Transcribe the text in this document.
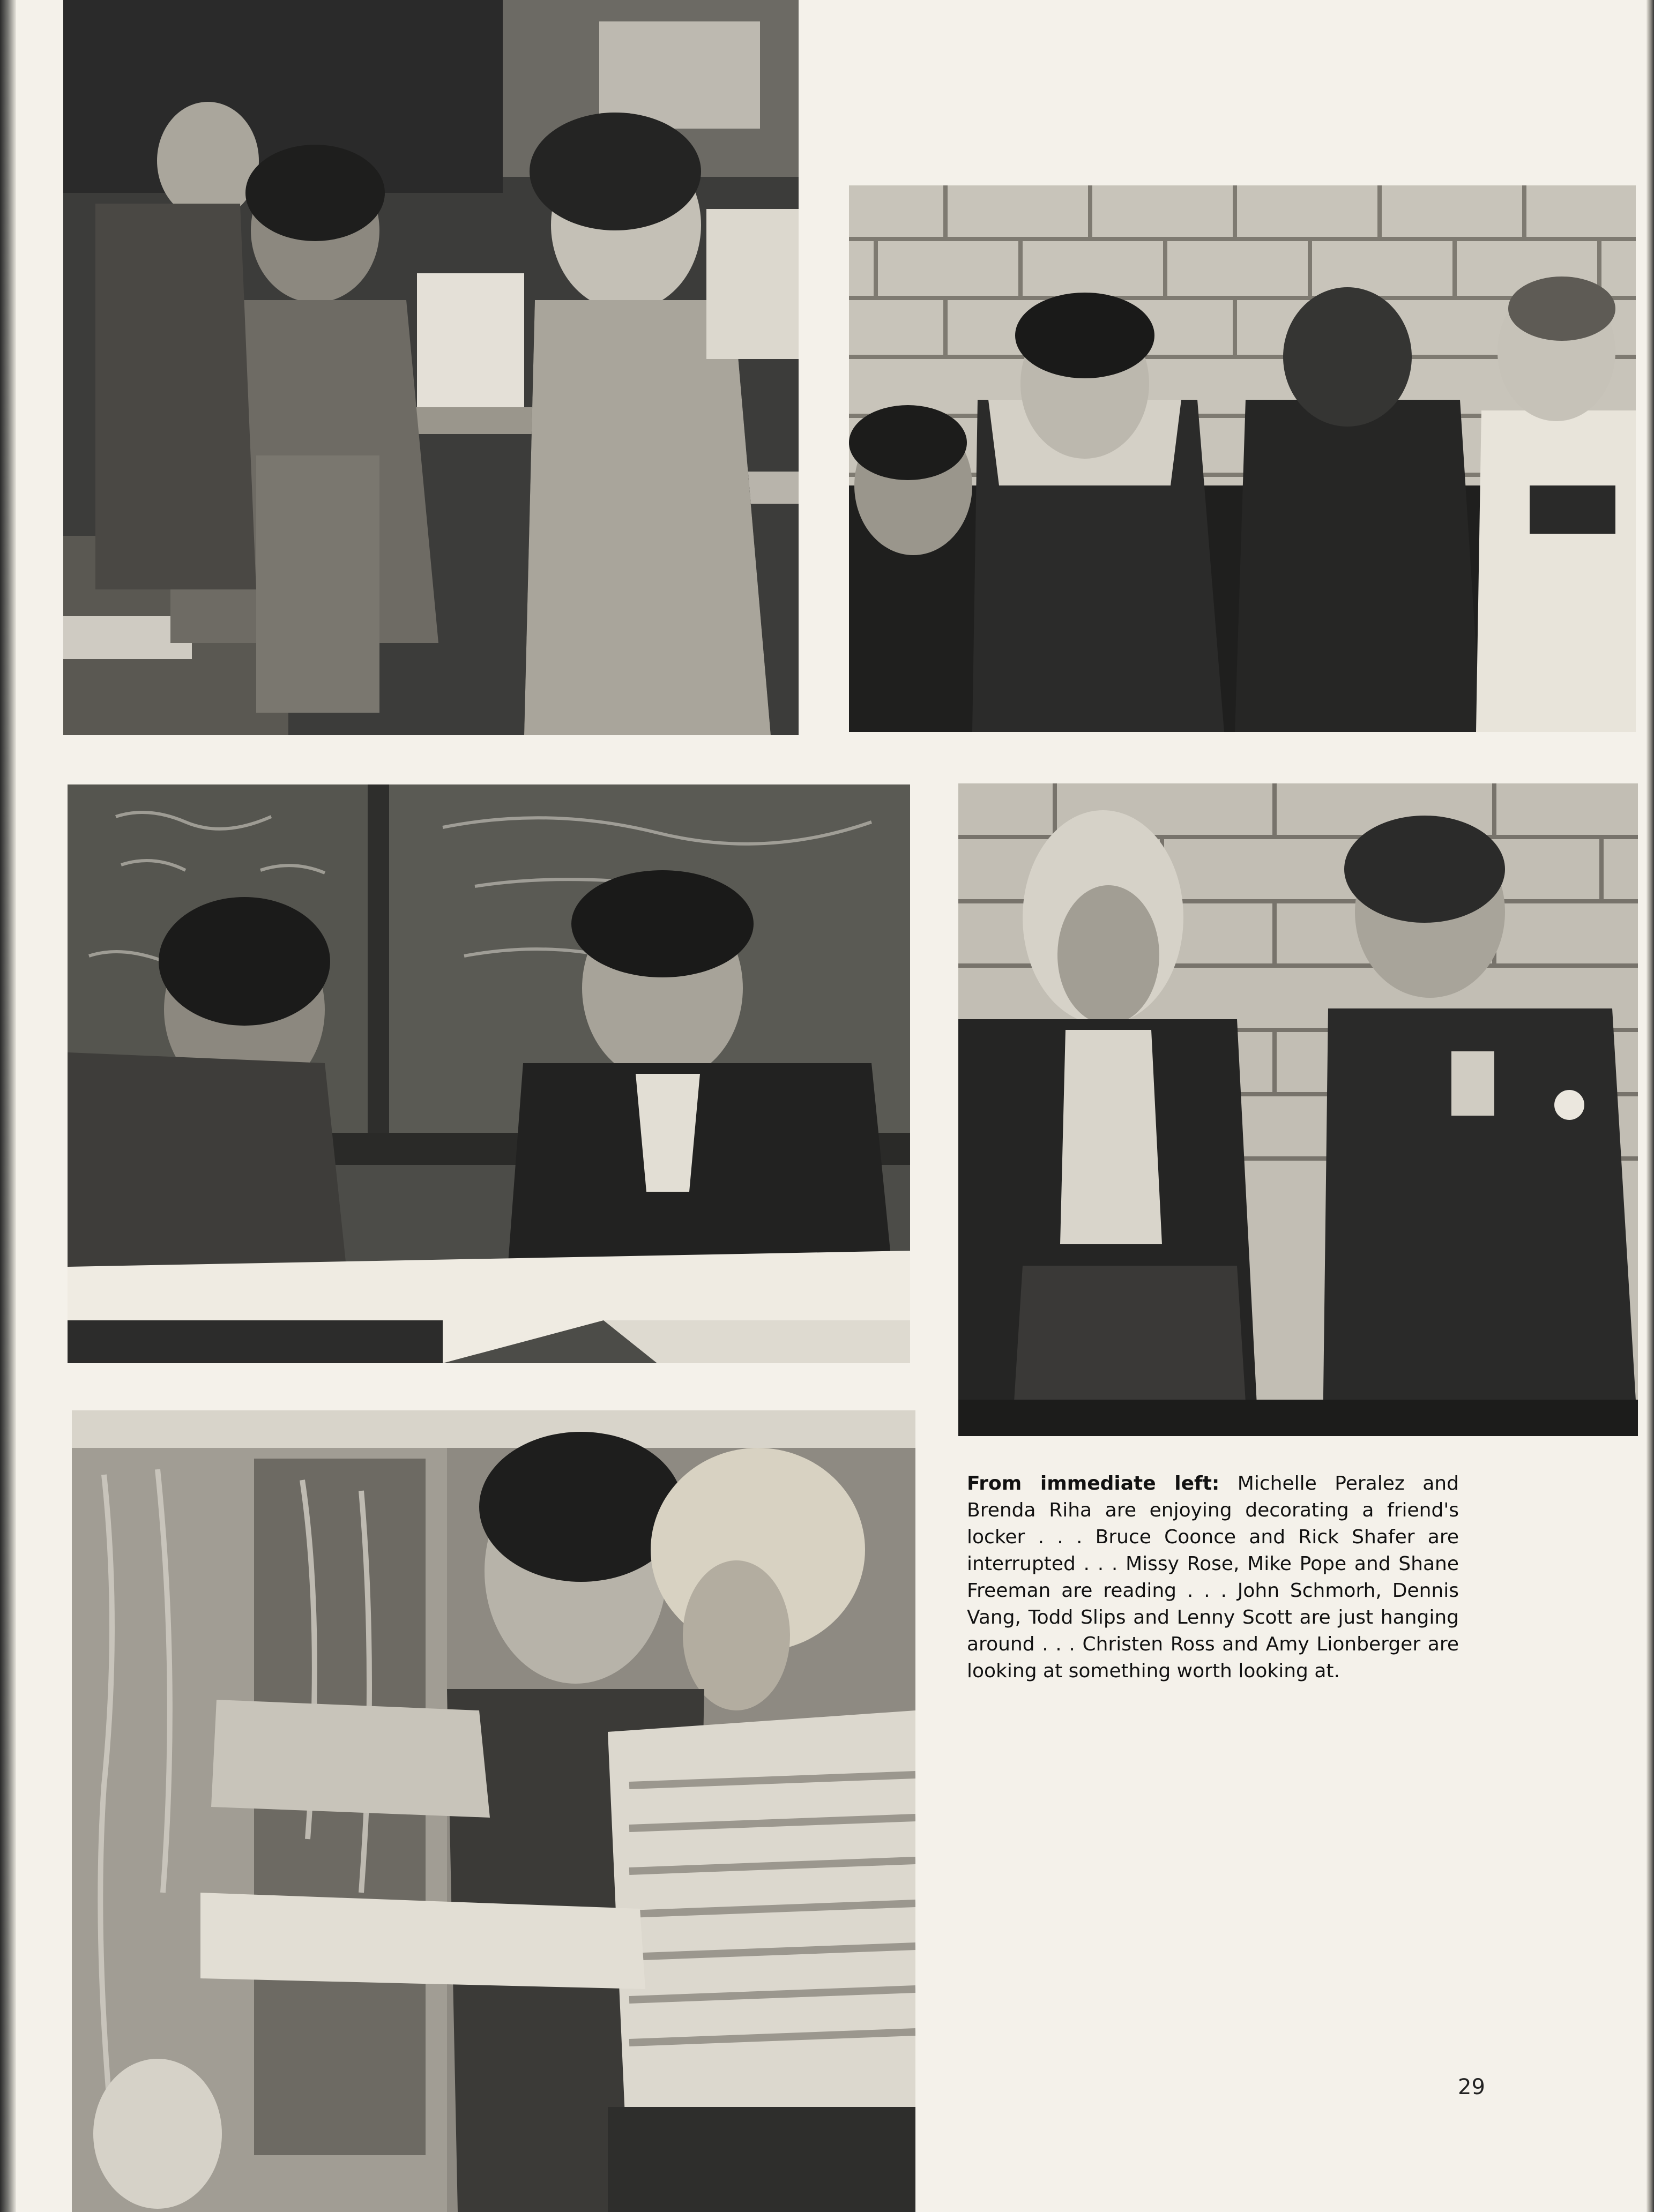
From immediate left: Michelle Peralez and Brenda Riha are enjoying decorating a friend's locker . . . Bruce Coonce and Rick Shafer are interrupted . . . Missy Rose, Mike Pope and Shane Freeman are reading . . . John Schmorh, Dennis Vang, Todd Slips and Lenny Scott are just hanging around . . . Christen Ross and Amy Lionberger are looking at something worth looking at.
29
